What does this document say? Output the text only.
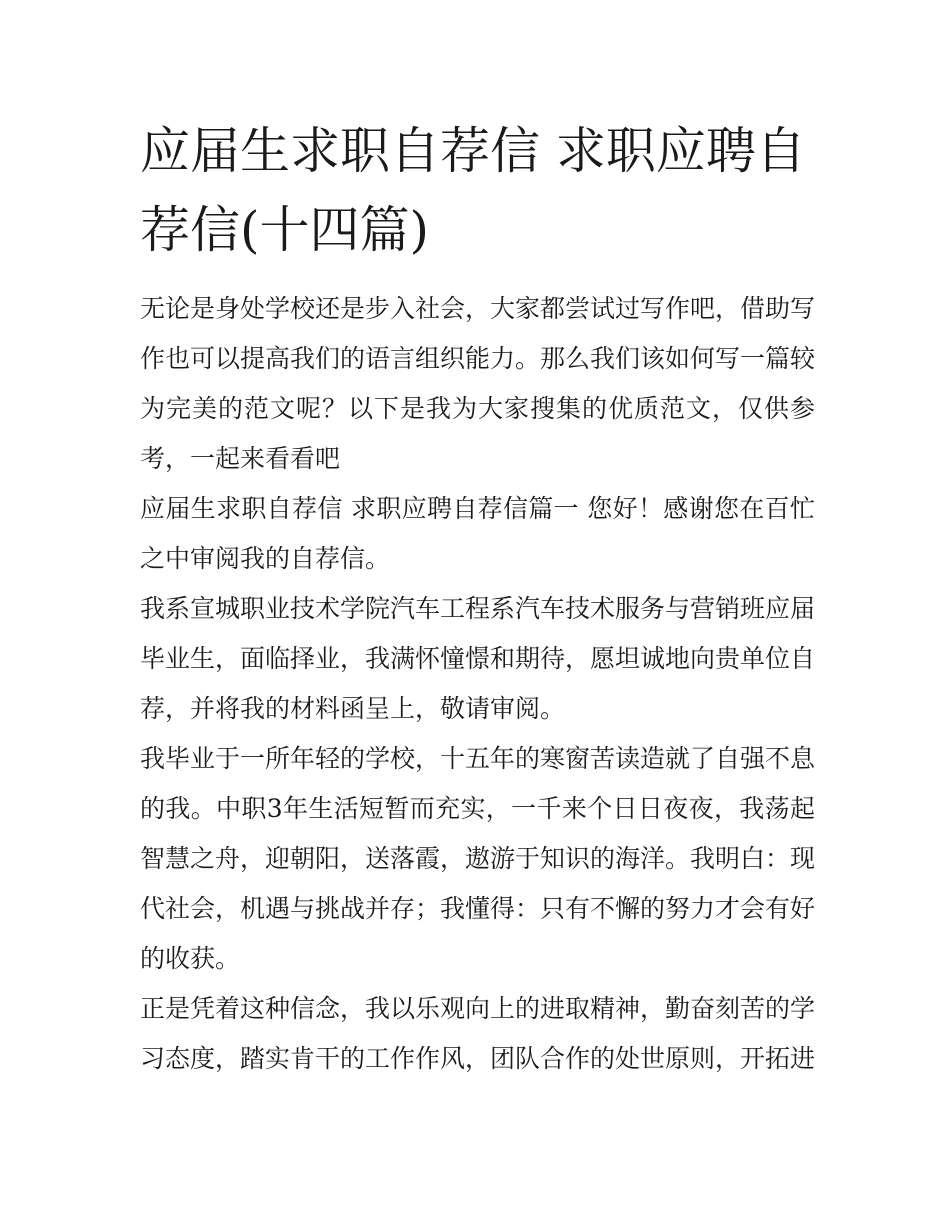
应届生求职自荐信 求职应聘自荐信(十四篇)

无论是身处学校还是步入社会，大家都尝试过写作吧，借助写作也可以提高我们的语言组织能力。那么我们该如何写一篇较为完美的范文呢？以下是我为大家搜集的优质范文，仅供参考，一起来看看吧

应届生求职自荐信 求职应聘自荐信篇一 您好！感谢您在百忙之中审阅我的自荐信。

我系宣城职业技术学院汽车工程系汽车技术服务与营销班应届毕业生，面临择业，我满怀憧憬和期待，愿坦诚地向贵单位自荐，并将我的材料函呈上，敬请审阅。

我毕业于一所年轻的学校，十五年的寒窗苦读造就了自强不息的我。中职3年生活短暂而充实，一千来个日日夜夜，我荡起智慧之舟，迎朝阳，送落霞，遨游于知识的海洋。我明白：现代社会，机遇与挑战并存；我懂得：只有不懈的努力才会有好的收获。

正是凭着这种信念，我以乐观向上的进取精神，勤奋刻苦的学习态度，踏实肯干的工作作风，团队合作的处世原则，开拓进
